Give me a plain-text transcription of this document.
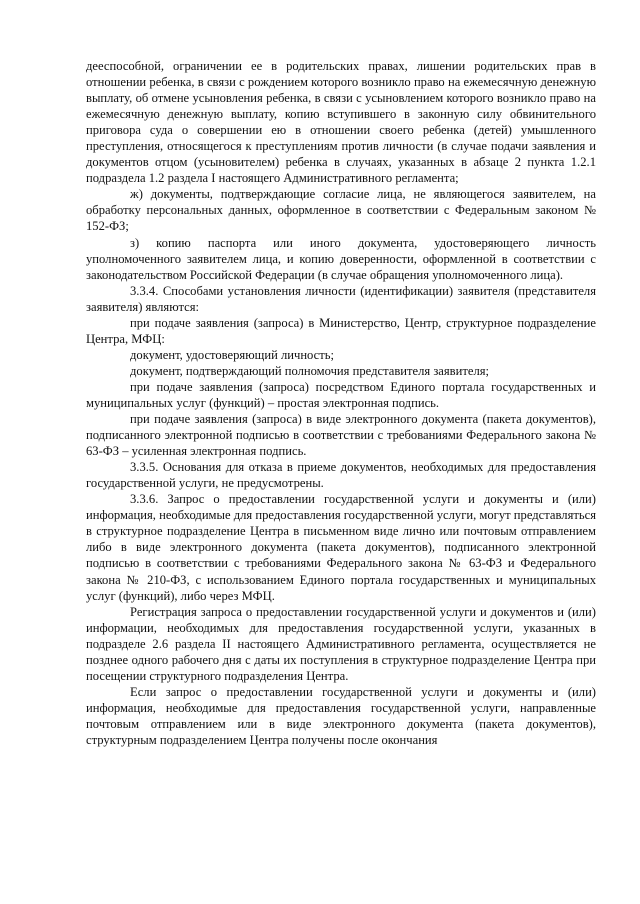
дееспособной, ограничении ее в родительских правах, лишении родительских прав в отношении ребенка, в связи с рождением которого возникло право на ежемесячную денежную выплату, об отмене усыновления ребенка, в связи с усыновлением которого возникло право на ежемесячную денежную выплату, копию вступившего в законную силу обвинительного приговора суда о совершении ею в отношении своего ребенка (детей) умышленного преступления, относящегося к преступлениям против личности (в случае подачи заявления и документов отцом (усыновителем) ребенка в случаях, указанных в абзаце 2 пункта 1.2.1 подраздела 1.2 раздела I настоящего Административного регламента;

ж) документы, подтверждающие согласие лица, не являющегося заявителем, на обработку персональных данных, оформленное в соответствии с Федеральным законом № 152-ФЗ;

з) копию паспорта или иного документа, удостоверяющего личность уполномоченного заявителем лица, и копию доверенности, оформленной в соответствии с законодательством Российской Федерации (в случае обращения уполномоченного лица).

3.3.4. Способами установления личности (идентификации) заявителя (представителя заявителя) являются:

при подаче заявления (запроса) в Министерство, Центр, структурное подразделение Центра, МФЦ:

документ, удостоверяющий личность;

документ, подтверждающий полномочия представителя заявителя;

при подаче заявления (запроса) посредством Единого портала государственных и муниципальных услуг (функций) – простая электронная подпись.

при подаче заявления (запроса) в виде электронного документа (пакета документов), подписанного электронной подписью в соответствии с требованиями Федерального закона № 63-ФЗ – усиленная электронная подпись.

3.3.5. Основания для отказа в приеме документов, необходимых для предоставления государственной услуги, не предусмотрены.

3.3.6. Запрос о предоставлении государственной услуги и документы и (или) информация, необходимые для предоставления государственной услуги, могут представляться в структурное подразделение Центра в письменном виде лично или почтовым отправлением либо в виде электронного документа (пакета документов), подписанного электронной подписью в соответствии с требованиями Федерального закона № 63-ФЗ и Федерального закона № 210-ФЗ, с использованием Единого портала государственных и муниципальных услуг (функций), либо через МФЦ.

Регистрация запроса о предоставлении государственной услуги и документов и (или) информации, необходимых для предоставления государственной услуги, указанных в подразделе 2.6 раздела II настоящего Административного регламента, осуществляется не позднее одного рабочего дня с даты их поступления в структурное подразделение Центра при посещении структурного подразделения Центра.

Если запрос о предоставлении государственной услуги и документы и (или) информация, необходимые для предоставления государственной услуги, направленные почтовым отправлением или в виде электронного документа (пакета документов), структурным подразделением Центра получены после окончания
